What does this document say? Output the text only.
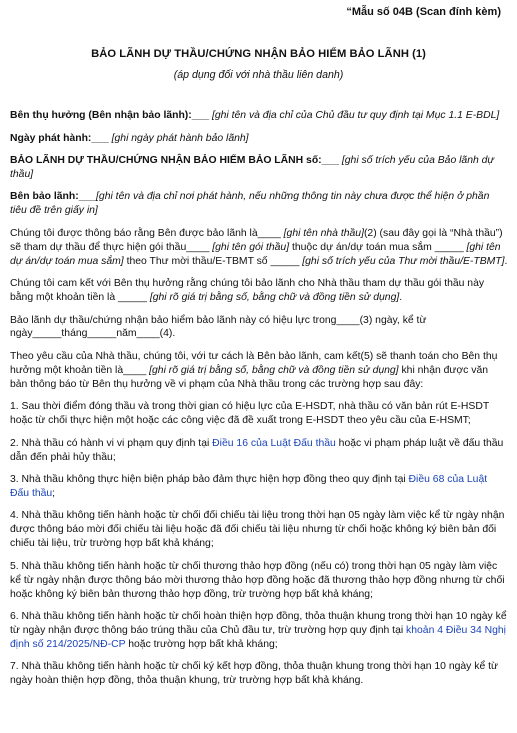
“Mẫu số 04B (Scan đính kèm)
BẢO LÃNH DỰ THẦU/CHỨNG NHẬN BẢO HIỂM BẢO LÃNH (1)
(áp dụng đối với nhà thầu liên danh)

Bên thụ hưởng (Bên nhận bảo lãnh):___ [ghi tên và địa chỉ của Chủ đầu tư quy định tại Mục 1.1 E-BDL]

Ngày phát hành:___ [ghi ngày phát hành bảo lãnh]

BẢO LÃNH DỰ THẦU/CHỨNG NHẬN BẢO HIỂM BẢO LÃNH số:___ [ghi số trích yếu của Bảo lãnh dự thầu]

Bên bảo lãnh:___[ghi tên và địa chỉ nơi phát hành, nếu những thông tin này chưa được thể hiện ở phần tiêu đề trên giấy in]

Chúng tôi được thông báo rằng Bên được bảo lãnh là____ [ghi tên nhà thầu](2) (sau đây gọi là “Nhà thầu”) sẽ tham dự thầu để thực hiện gói thầu____ [ghi tên gói thầu] thuộc dự án/dự toán mua sắm _____ [ghi tên dự án/dự toán mua sắm] theo Thư mời thầu/E-TBMT số _____ [ghi số trích yếu của Thư mời thầu/E-TBMT].

Chúng tôi cam kết với Bên thụ hưởng rằng chúng tôi bảo lãnh cho Nhà thầu tham dự thầu gói thầu này bằng một khoản tiền là _____ [ghi rõ giá trị bằng số, bằng chữ và đồng tiền sử dụng].

Bảo lãnh dự thầu/chứng nhận bảo hiểm bảo lãnh này có hiệu lực trong____(3) ngày, kể từ ngày_____tháng_____năm____(4).

Theo yêu cầu của Nhà thầu, chúng tôi, với tư cách là Bên bảo lãnh, cam kết(5) sẽ thanh toán cho Bên thụ hưởng một khoản tiền là____ [ghi rõ giá trị bằng số, bằng chữ và đồng tiền sử dụng] khi nhận được văn bản thông báo từ Bên thụ hưởng về vi phạm của Nhà thầu trong các trường hợp sau đây:

1. Sau thời điểm đóng thầu và trong thời gian có hiệu lực của E-HSDT, nhà thầu có văn bản rút E-HSDT hoặc từ chối thực hiện một hoặc các công việc đã đề xuất trong E-HSDT theo yêu cầu của E-HSMT;

2. Nhà thầu có hành vi vi phạm quy định tại Điều 16 của Luật Đấu thầu hoặc vi phạm pháp luật về đấu thầu dẫn đến phải hủy thầu;

3. Nhà thầu không thực hiện biện pháp bảo đảm thực hiện hợp đồng theo quy định tại Điều 68 của Luật Đấu thầu;

4. Nhà thầu không tiến hành hoặc từ chối đối chiếu tài liệu trong thời hạn 05 ngày làm việc kể từ ngày nhận được thông báo mời đối chiếu tài liệu hoặc đã đối chiếu tài liệu nhưng từ chối hoặc không ký biên bản đối chiếu tài liệu, trừ trường hợp bất khả kháng;

5. Nhà thầu không tiến hành hoặc từ chối thương thảo hợp đồng (nếu có) trong thời hạn 05 ngày làm việc kể từ ngày nhận được thông báo mời thương thảo hợp đồng hoặc đã thương thảo hợp đồng nhưng từ chối hoặc không ký biên bản thương thảo hợp đồng, trừ trường hợp bất khả kháng;

6. Nhà thầu không tiến hành hoặc từ chối hoàn thiện hợp đồng, thỏa thuận khung trong thời hạn 10 ngày kể từ ngày nhận được thông báo trúng thầu của Chủ đầu tư, trừ trường hợp quy định tại khoản 4 Điều 34 Nghị định số 214/2025/NĐ-CP hoặc trường hợp bất khả kháng;

7. Nhà thầu không tiến hành hoặc từ chối ký kết hợp đồng, thỏa thuận khung trong thời hạn 10 ngày kể từ ngày hoàn thiện hợp đồng, thỏa thuận khung, trừ trường hợp bất khả kháng.
